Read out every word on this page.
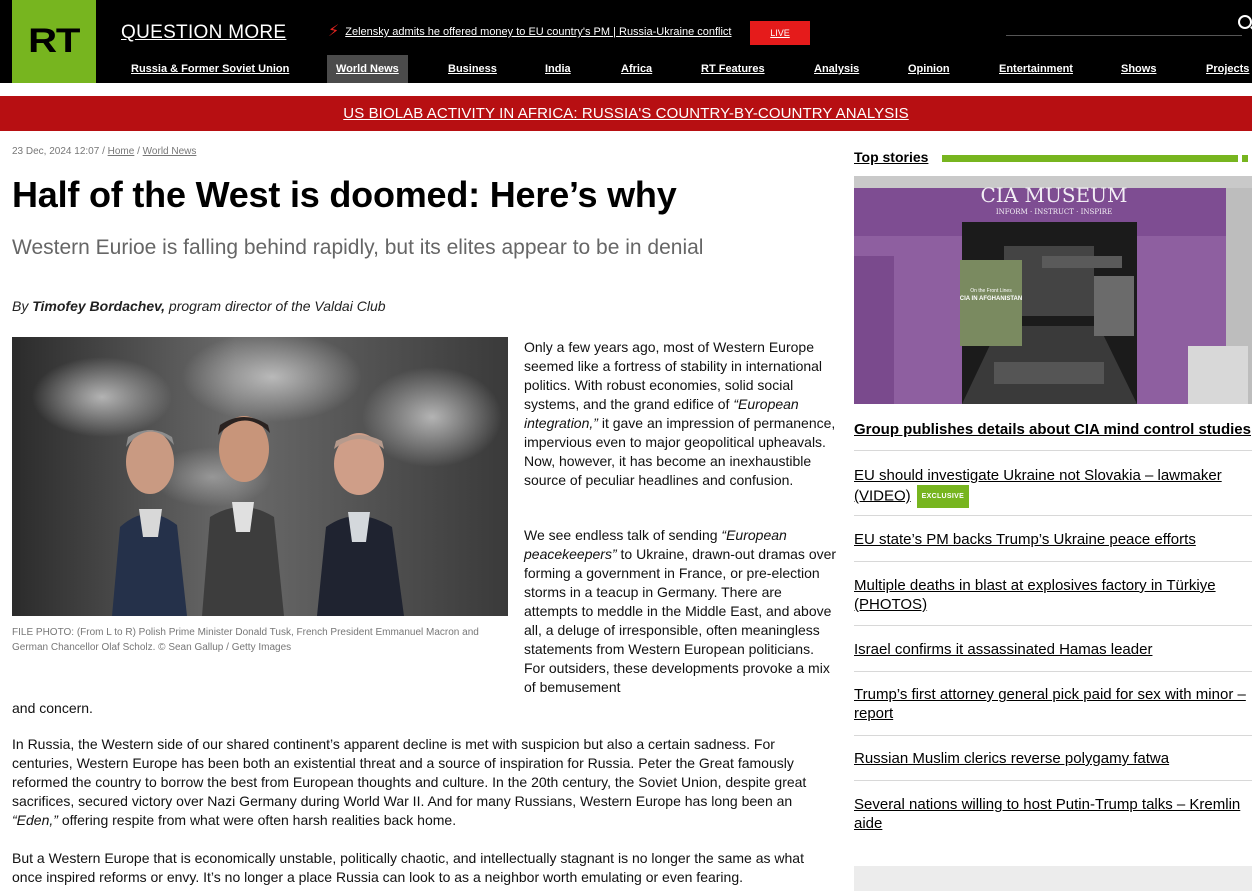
RT QUESTION MORE	⚡︎ Zelensky admits he offered money to EU country's PM | Russia-Ukraine conflict	LIVE
Russia & Former Soviet Union	World News	Business	India	Africa	RT Features	Analysis	Opinion	Entertainment	Shows	Projects
US BIOLAB ACTIVITY IN AFRICA: RUSSIA'S COUNTRY-BY-COUNTRY ANALYSIS
23 Dec, 2024 12:07 / Home / World News
Half of the West is doomed: Here’s why
Western Eurioe is falling behind rapidly, but its elites appear to be in denial
By Timofey Bordachev, program director of the Valdai Club
FILE PHOTO: (From L to R) Polish Prime Minister Donald Tusk, French President Emmanuel Macron and German Chancellor Olaf Scholz. © Sean Gallup / Getty Images

Only a few years ago, most of Western Europe seemed like a fortress of stability in international politics. With robust economies, solid social systems, and the grand edifice of “European integration,” it gave an impression of permanence, impervious even to major geopolitical upheavals. Now, however, it has become an inexhaustible source of peculiar headlines and confusion.

We see endless talk of sending “European peacekeepers” to Ukraine, drawn-out dramas over forming a government in France, or pre-election storms in a teacup in Germany. There are attempts to meddle in the Middle East, and above all, a deluge of irresponsible, often meaningless statements from Western European politicians. For outsiders, these developments provoke a mix of bemusement

and concern.

In Russia, the Western side of our shared continent’s apparent decline is met with suspicion but also a certain sadness. For centuries, Western Europe has been both an existential threat and a source of inspiration for Russia. Peter the Great famously reformed the country to borrow the best from European thoughts and culture. In the 20th century, the Soviet Union, despite great sacrifices, secured victory over Nazi Germany during World War II. And for many Russians, Western Europe has long been an “Eden,” offering respite from what were often harsh realities back home.

But a Western Europe that is economically unstable, politically chaotic, and intellectually stagnant is no longer the same as what once inspired reforms or envy. It’s no longer a place Russia can look to as a neighbor worth emulating or even fearing.

Top stories
CIA MUSEUM
INFORM · INSTRUCT · INSPIRE
On the Front Lines
CIA IN AFGHANISTAN
Group publishes details about CIA mind control studies
EU should investigate Ukraine not Slovakia – lawmaker (VIDEO) EXCLUSIVE
EU state’s PM backs Trump’s Ukraine peace efforts
Multiple deaths in blast at explosives factory in Türkiye (PHOTOS)
Israel confirms it assassinated Hamas leader
Trump’s first attorney general pick paid for sex with minor – report
Russian Muslim clerics reverse polygamy fatwa
Several nations willing to host Putin-Trump talks – Kremlin aide
